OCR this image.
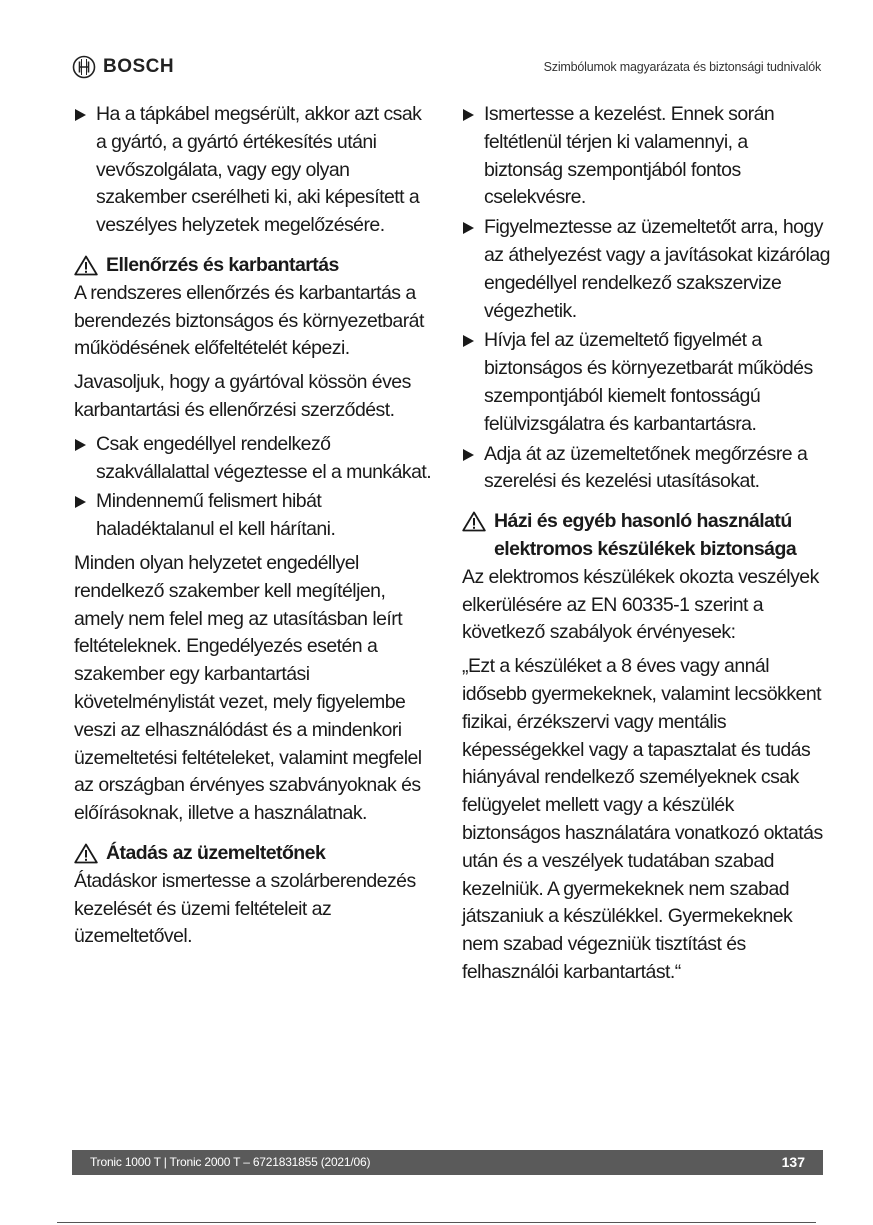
BOSCH	Szimbólumok magyarázata és biztonsági tudnivalók
Ha a tápkábel megsérült, akkor azt csak a gyártó, a gyártó értékesítés utáni vevőszolgálata, vagy egy olyan szakember cserélheti ki, aki képesített a veszélyes helyzetek megelőzésére.
Ellenőrzés és karbantartás

A rendszeres ellenőrzés és karbantartás a berendezés biztonságos és környezetbarát működésének előfeltételét képezi.

Javasoljuk, hogy a gyártóval kössön éves karbantartási és ellenőrzési szerződést.

Csak engedéllyel rendelkező szakvállalattal végeztesse el a munkákat.
Mindennemű felismert hibát haladéktalanul el kell hárítani.

Minden olyan helyzetet engedéllyel rendelkező szakember kell megítéljen, amely nem felel meg az utasításban leírt feltételeknek. Engedélyezés esetén a szakember egy karbantartási követelménylistát vezet, mely figyelembe veszi az elhasználódást és a mindenkori üzemeltetési feltételeket, valamint megfelel az országban érvényes szabványoknak és előírásoknak, illetve a használatnak.

Átadás az üzemeltetőnek

Átadáskor ismertesse a szolárberendezés kezelését és üzemi feltételeit az üzemeltetővel.

Ismertesse a kezelést. Ennek során feltétlenül térjen ki valamennyi, a biztonság szempontjából fontos cselekvésre.
Figyelmeztesse az üzemeltetőt arra, hogy az áthelyezést vagy a javításokat kizárólag engedéllyel rendelkező szakszervize végezhetik.
Hívja fel az üzemeltető figyelmét a biztonságos és környezetbarát működés szempontjából kiemelt fontosságú felülvizsgálatra és karbantartásra.
Adja át az üzemeltetőnek megőrzésre a szerelési és kezelési utasításokat.
Házi és egyéb hasonló használatú elektromos készülékek biztonsága

Az elektromos készülékek okozta veszélyek elkerülésére az EN 60335-1 szerint a következő szabályok érvényesek:

„Ezt a készüléket a 8 éves vagy annál idősebb gyermekeknek, valamint lecsökkent fizikai, érzékszervi vagy mentális képességekkel vagy a tapasztalat és tudás hiányával rendelkező személyeknek csak felügyelet mellett vagy a készülék biztonságos használatára vonatkozó oktatás után és a veszélyek tudatában szabad kezelniük. A gyermekeknek nem szabad játszaniuk a készülékkel. Gyermekeknek nem szabad végezniük tisztítást és felhasználói karbantartást.“

Tronic 1000 T | Tronic 2000 T – 6721831855 (2021/06)	137
